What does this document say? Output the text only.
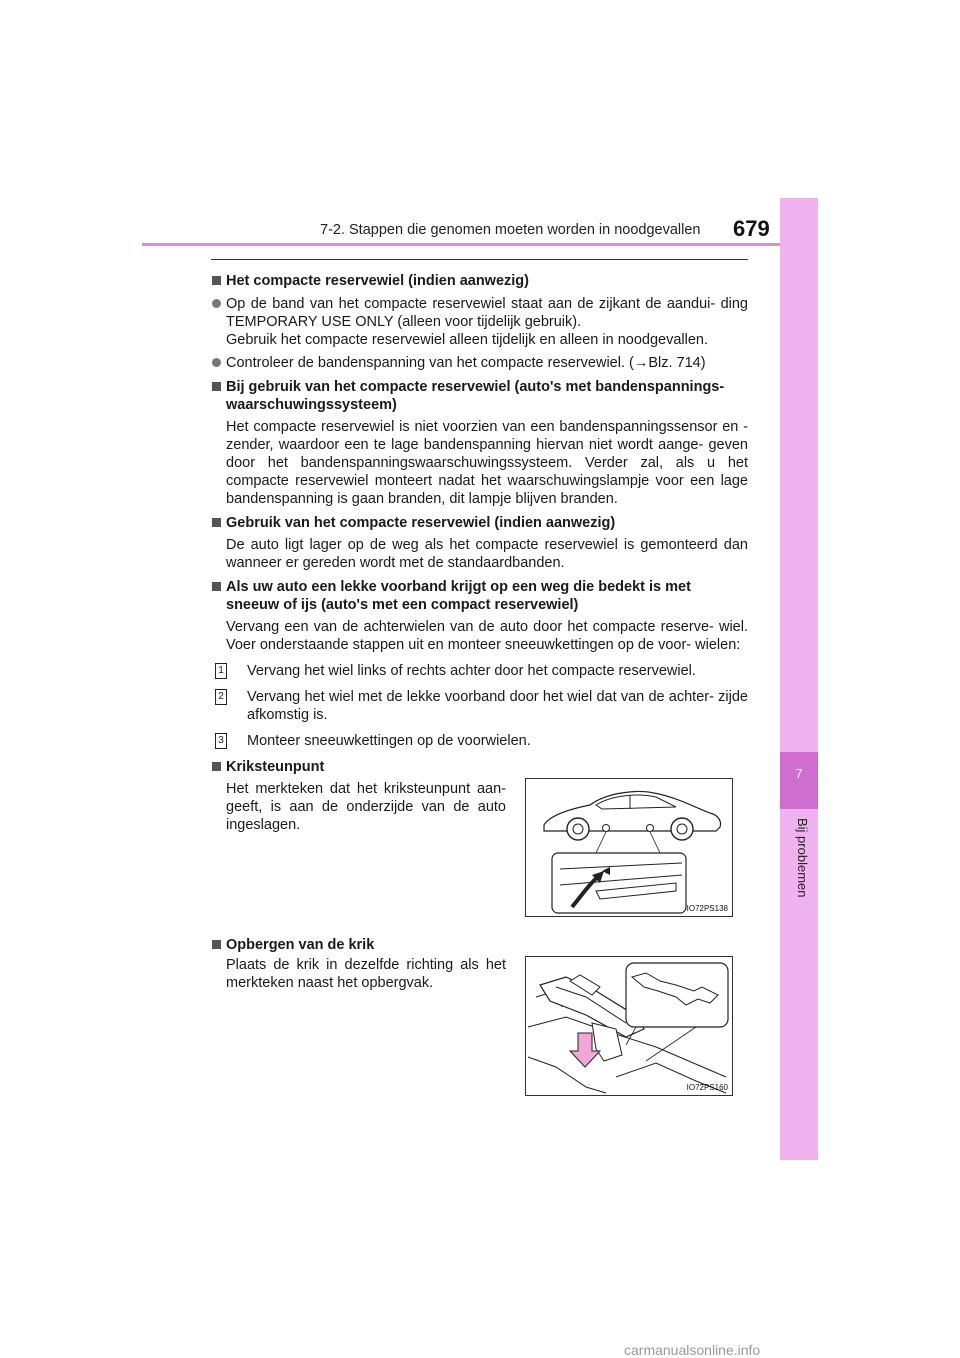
7-2. Stappen die genomen moeten worden in noodgevallen 679
7
Bij problemen
Het compacte reservewiel (indien aanwezig)
Op de band van het compacte reservewiel staat aan de zijkant de aandui- ding TEMPORARY USE ONLY (alleen voor tijdelijk gebruik).
Gebruik het compacte reservewiel alleen tijdelijk en alleen in noodgevallen.
Controleer de bandenspanning van het compacte reservewiel. (→Blz. 714)
Bij gebruik van het compacte reservewiel (auto's met bandenspannings- waarschuwingssysteem)
Het compacte reservewiel is niet voorzien van een bandenspanningssensor en -zender, waardoor een te lage bandenspanning hiervan niet wordt aange- geven door het bandenspanningswaarschuwingssysteem. Verder zal, als u het compacte reservewiel monteert nadat het waarschuwingslampje voor een lage bandenspanning is gaan branden, dit lampje blijven branden.
Gebruik van het compacte reservewiel (indien aanwezig)
De auto ligt lager op de weg als het compacte reservewiel is gemonteerd dan wanneer er gereden wordt met de standaardbanden.
Als uw auto een lekke voorband krijgt op een weg die bedekt is met sneeuw of ijs (auto's met een compact reservewiel)
Vervang een van de achterwielen van de auto door het compacte reserve- wiel. Voer onderstaande stappen uit en monteer sneeuwkettingen op de voor- wielen:
1 Vervang het wiel links of rechts achter door het compacte reservewiel.
2 Vervang het wiel met de lekke voorband door het wiel dat van de achter- zijde afkomstig is.
3 Monteer sneeuwkettingen op de voorwielen.
Kriksteunpunt
Het merkteken dat het kriksteunpunt aan- geeft, is aan de onderzijde van de auto ingeslagen.
IO72PS138
Opbergen van de krik
Plaats de krik in dezelfde richting als het merkteken naast het opbergvak.
IO72PS160
carmanualsonline.info
